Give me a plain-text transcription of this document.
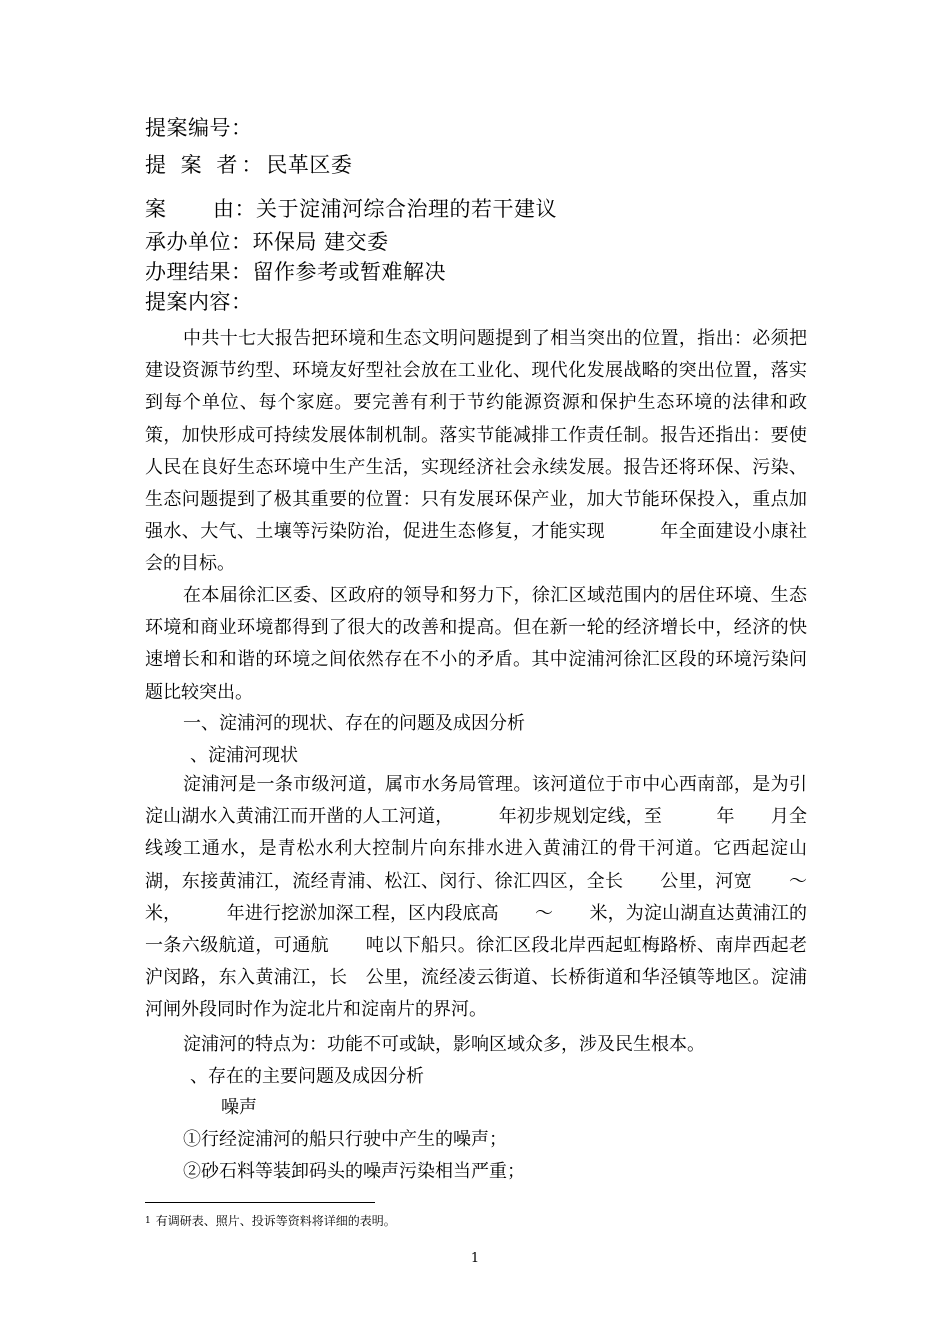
提案编号：
提 案 者：民革区委
案 由：关于淀浦河综合治理的若干建议
承办单位：环保局 建交委
办理结果：留作参考或暂难解决
提案内容：
中共十七大报告把环境和生态文明问题提到了相当突出的位置，指出：必须把建设资源节约型、环境友好型社会放在工业化、现代化发展战略的突出位置，落实到每个单位、每个家庭。要完善有利于节约能源资源和保护生态环境的法律和政策，加快形成可持续发展体制机制。落实节能减排工作责任制。报告还指出：要使人民在良好生态环境中生产生活，实现经济社会永续发展。报告还将环保、污染、生态问题提到了极其重要的位置：只有发展环保产业，加大节能环保投入，重点加强水、大气、土壤等污染防治，促进生态修复，才能实现　　　年全面建设小康社会的目标。
在本届徐汇区委、区政府的领导和努力下，徐汇区域范围内的居住环境、生态环境和商业环境都得到了很大的改善和提高。但在新一轮的经济增长中，经济的快速增长和和谐的环境之间依然存在不小的矛盾。其中淀浦河徐汇区段的环境污染问题比较突出。
一、淀浦河的现状、存在的问题及成因分析
、淀浦河现状
淀浦河是一条市级河道，属市水务局管理。该河道位于市中心西南部，是为引淀山湖水入黄浦江而开凿的人工河道，　　　年初步规划定线，至　　　年　　月全线竣工通水，是青松水利大控制片向东排水进入黄浦江的骨干河道。它西起淀山湖，东接黄浦江，流经青浦、松江、闵行、徐汇四区，全长　　公里，河宽　　～　　米，　　　年进行挖淤加深工程，区内段底高　　～　　米，为淀山湖直达黄浦江的一条六级航道，可通航　　吨以下船只。徐汇区段北岸西起虹梅路桥、南岸西起老沪闵路，东入黄浦江，长　公里，流经凌云街道、长桥街道和华泾镇等地区。淀浦河闸外段同时作为淀北片和淀南片的界河。
淀浦河的特点为：功能不可或缺，影响区域众多，涉及民生根本。
、存在的主要问题及成因分析
噪声
①行经淀浦河的船只行驶中产生的噪声；
②砂石料等装卸码头的噪声污染相当严重；
$^1$ 有调研表、照片、投诉等资料将详细的表明。
1
